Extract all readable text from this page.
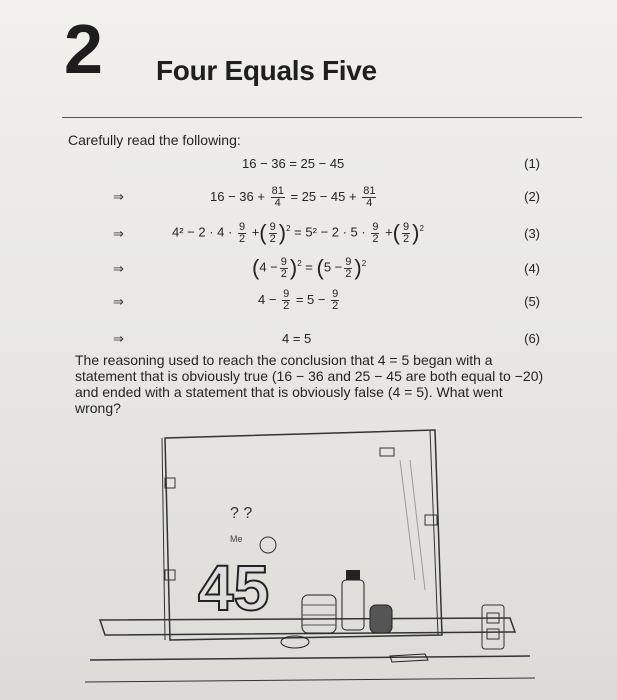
2 Four Equals Five
Carefully read the following:
16 − 36 = 25 − 45	(1)
⇒	$16 - 36 + \frac{81}{4} = 25 - 45 + \frac{81}{4}$	(2)
⇒	$4^2 - 2 \cdot 4 \cdot \frac{9}{2}$ +( $\frac{9}{2} )^2 = 5^2 - 2 \cdot 5 \cdot \frac{9}{2}$ +( $\frac{9}{2} )^2$	(3)
⇒	$(4 - \frac{9}{2} )^2 = (5 - \frac{9}{2} )^2$	(4)
⇒	$4 - \frac{9}{2} = 5 - \frac{9}{2}$	(5)
⇒	4 = 5	(6)
The reasoning used to reach the conclusion that 4 = 5 began with a statement that is obviously true (16 − 36 and 25 − 45 are both equal to −20) and ended with a statement that is obviously false (4 = 5). What went wrong?
? ?
Me
45
